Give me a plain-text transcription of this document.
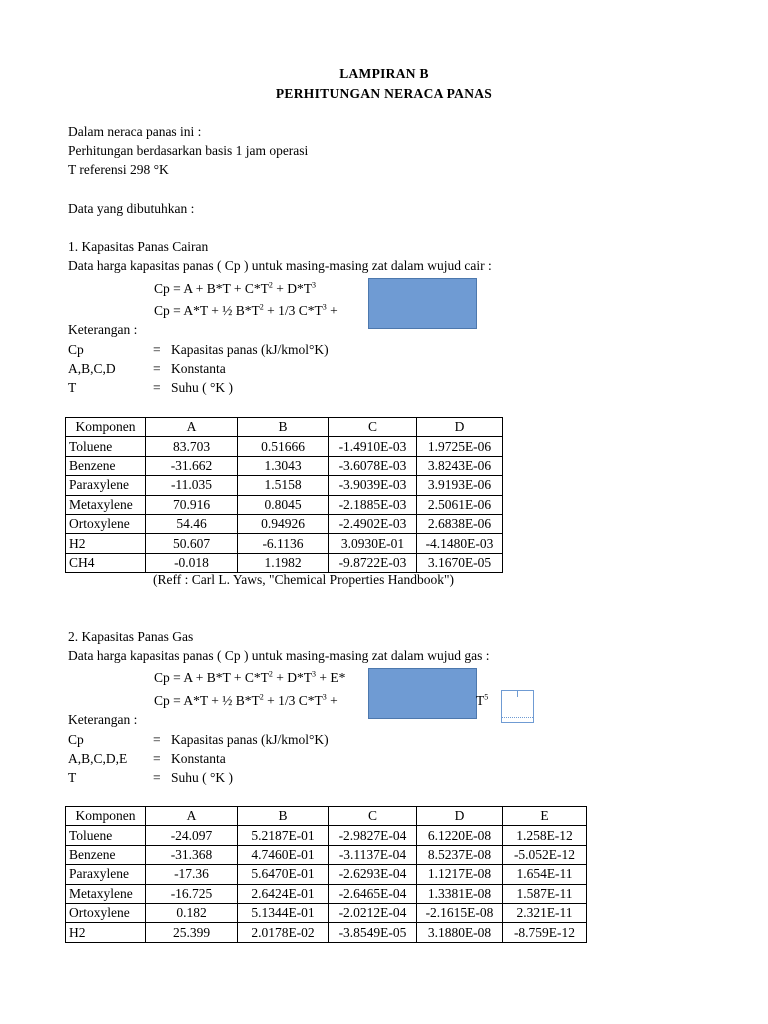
LAMPIRAN B
PERHITUNGAN NERACA PANAS
Dalam neraca panas ini :
Perhitungan berdasarkan basis 1 jam operasi
T referensi 298 °K
Data yang dibutuhkan :
1. Kapasitas Panas Cairan
Data harga kapasitas panas ( Cp ) untuk masing-masing zat dalam wujud cair :
$Cp = A + B*T + C*T^2 + D*T^3$
Cp = A*T + ½ $B*T^2 + 1/3$ $C*T^3$ +
Keterangan :
Cp	= Kapasitas panas (kJ/kmol°K)
A,B,C,D	= Konstanta
T	= Suhu ( °K )
Komponen	A	B	C	D
Toluene	83.703	0.51666	-1.4910E-03	1.9725E-06
Benzene	-31.662	1.3043	-3.6078E-03	3.8243E-06
Paraxylene	-11.035	1.5158	-3.9039E-03	3.9193E-06
Metaxylene	70.916	0.8045	-2.1885E-03	2.5061E-06
Ortoxylene	54.46	0.94926	-2.4902E-03	2.6838E-06
H2	50.607	-6.1136	3.0930E-01	-4.1480E-03
CH4	-0.018	1.1982	-9.8722E-03	3.1670E-05
(Reff : Carl L. Yaws, "Chemical Properties Handbook")
2. Kapasitas Panas Gas
Data harga kapasitas panas ( Cp ) untuk masing-masing zat dalam wujud gas :
$Cp = A + B*T + C*T^2 + D*T^3 + E*$
Cp = A*T + ½ $B*T^2 + 1/3$ $C*T^3$ +	$T^5$
Keterangan :
Cp	= Kapasitas panas (kJ/kmol°K)
A,B,C,D,E = Konstanta
T	= Suhu ( °K )
Komponen	A	B	C	D	E
Toluene	-24.097	5.2187E-01	-2.9827E-04	6.1220E-08	1.258E-12
Benzene	-31.368	4.7460E-01	-3.1137E-04	8.5237E-08	-5.052E-12
Paraxylene	-17.36	5.6470E-01	-2.6293E-04	1.1217E-08	1.654E-11
Metaxylene	-16.725	2.6424E-01	-2.6465E-04	1.3381E-08	1.587E-11
Ortoxylene	0.182	5.1344E-01	-2.0212E-04	-2.1615E-08	2.321E-11
H2	25.399	2.0178E-02	-3.8549E-05	3.1880E-08	-8.759E-12
